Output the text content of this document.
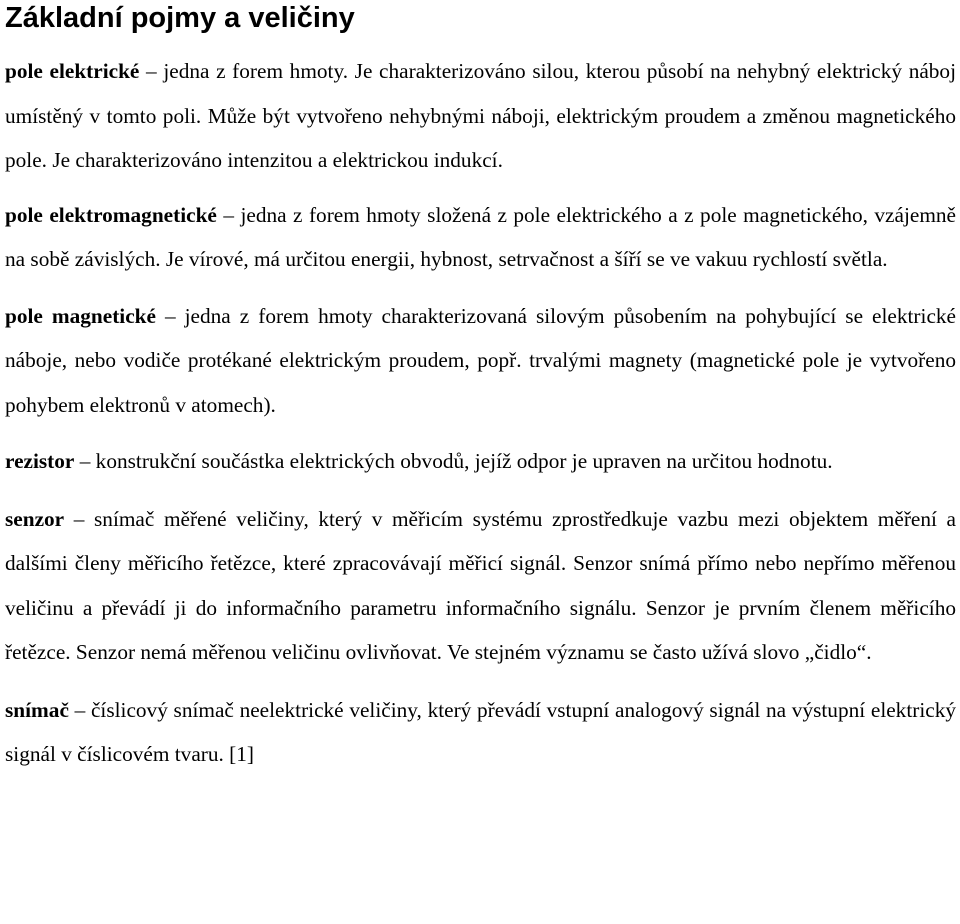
Základní pojmy a veličiny

pole elektrické – jedna z forem hmoty. Je charakterizováno silou, kterou působí na nehybný elektrický náboj umístěný v tomto poli. Může být vytvořeno nehybnými náboji, elektrickým proudem a změnou magnetického pole. Je charakterizováno intenzitou a elektrickou indukcí.

pole elektromagnetické – jedna z forem hmoty složená z pole elektrického a z pole magnetického, vzájemně na sobě závislých. Je vírové, má určitou energii, hybnost, setrvačnost a šíří se ve vakuu rychlostí světla.

pole magnetické – jedna z forem hmoty charakterizovaná silovým působením na pohybující se elektrické náboje, nebo vodiče protékané elektrickým proudem, popř. trvalými magnety (magnetické pole je vytvořeno pohybem elektronů v atomech).

rezistor – konstrukční součástka elektrických obvodů, jejíž odpor je upraven na určitou hodnotu.

senzor – snímač měřené veličiny, který v měřicím systému zprostředkuje vazbu mezi objektem měření a dalšími členy měřicího řetězce, které zpracovávají měřicí signál. Senzor snímá přímo nebo nepřímo měřenou veličinu a převádí ji do informačního parametru informačního signálu. Senzor je prvním členem měřicího řetězce. Senzor nemá měřenou veličinu ovlivňovat. Ve stejném významu se často užívá slovo „čidlo“.

snímač – číslicový snímač neelektrické veličiny, který převádí vstupní analogový signál na výstupní elektrický signál v číslicovém tvaru. [1]
